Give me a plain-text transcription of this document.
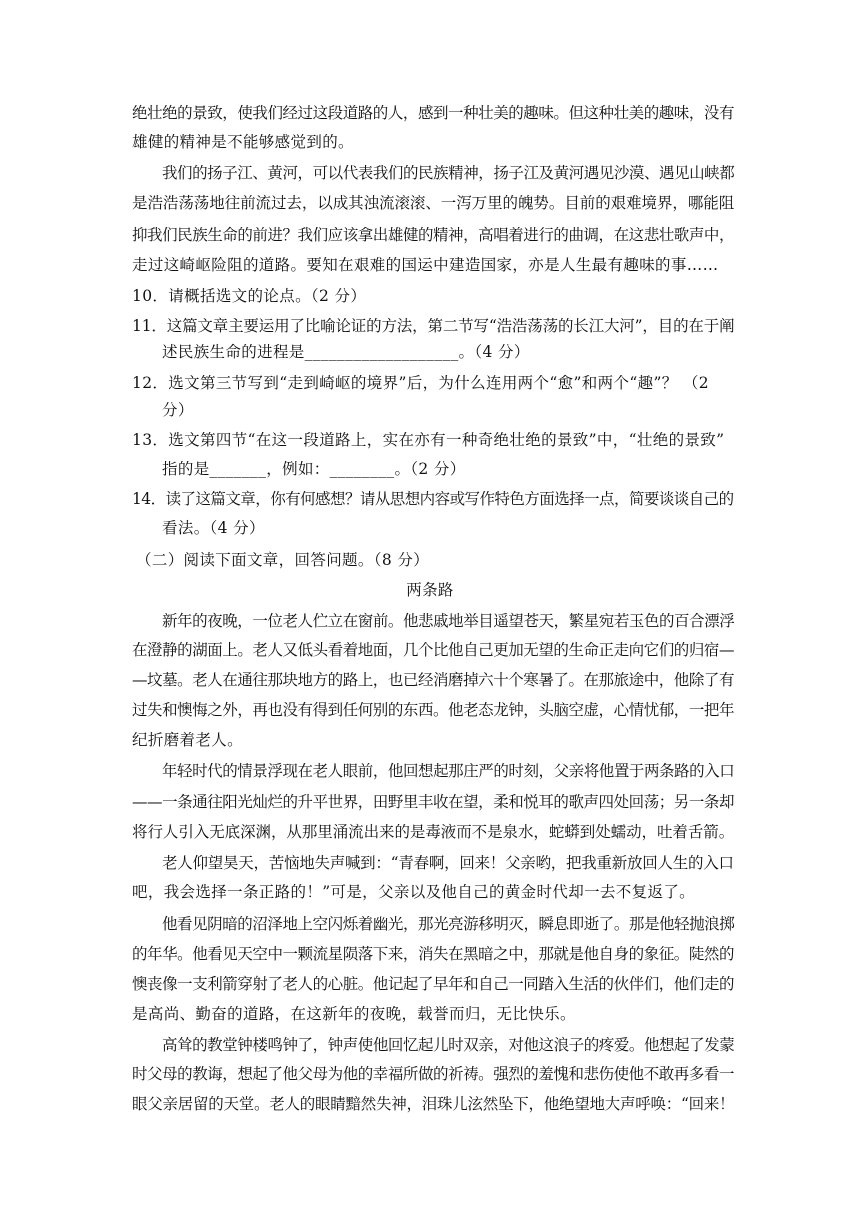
绝壮绝的景致，使我们经过这段道路的人，感到一种壮美的趣味。但这种壮美的趣味，没有
雄健的精神是不能够感觉到的。
我们的扬子江、黄河，可以代表我们的民族精神，扬子江及黄河遇见沙漠、遇见山峡都
是浩浩荡荡地往前流过去，以成其浊流滚滚、一泻万里的魄势。目前的艰难境界，哪能阻
抑我们民族生命的前进？我们应该拿出雄健的精神，高唱着进行的曲调，在这悲壮歌声中，
走过这崎岖险阻的道路。要知在艰难的国运中建造国家，亦是人生最有趣味的事……
10．请概括选文的论点。（2 分）
11．这篇文章主要运用了比喻论证的方法，第二节写“浩浩荡荡的长江大河”，目的在于阐
述民族生命的进程是___________________。（4 分）
12．选文第三节写到“走到崎岖的境界”后，为什么连用两个“愈”和两个“趣”？ （2
分）
13．选文第四节“在这一段道路上，实在亦有一种奇绝壮绝的景致”中，“壮绝的景致”
指的是_______，例如：________。（2 分）
14．读了这篇文章，你有何感想？请从思想内容或写作特色方面选择一点，简要谈谈自己的
看法。（4 分）
（二）阅读下面文章，回答问题。（8 分）
两条路
新年的夜晚，一位老人伫立在窗前。他悲戚地举目遥望苍天，繁星宛若玉色的百合漂浮
在澄静的湖面上。老人又低头看着地面，几个比他自己更加无望的生命正走向它们的归宿—
—坟墓。老人在通往那块地方的路上，也已经消磨掉六十个寒暑了。在那旅途中，他除了有
过失和懊悔之外，再也没有得到任何别的东西。他老态龙钟，头脑空虚，心情忧郁，一把年
纪折磨着老人。
年轻时代的情景浮现在老人眼前，他回想起那庄严的时刻，父亲将他置于两条路的入口
——一条通往阳光灿烂的升平世界，田野里丰收在望，柔和悦耳的歌声四处回荡；另一条却
将行人引入无底深渊，从那里涌流出来的是毒液而不是泉水，蛇蟒到处蠕动，吐着舌箭。
老人仰望昊天，苦恼地失声喊到：“青春啊，回来！父亲哟，把我重新放回人生的入口
吧，我会选择一条正路的！”可是，父亲以及他自己的黄金时代却一去不复返了。
他看见阴暗的沼泽地上空闪烁着幽光，那光亮游移明灭，瞬息即逝了。那是他轻抛浪掷
的年华。他看见天空中一颗流星陨落下来，消失在黑暗之中，那就是他自身的象征。陡然的
懊丧像一支利箭穿射了老人的心脏。他记起了早年和自己一同踏入生活的伙伴们，他们走的
是高尚、勤奋的道路，在这新年的夜晚，载誉而归，无比快乐。
高耸的教堂钟楼鸣钟了，钟声使他回忆起儿时双亲，对他这浪子的疼爱。他想起了发蒙
时父母的教诲，想起了他父母为他的幸福所做的祈祷。强烈的羞愧和悲伤使他不敢再多看一
眼父亲居留的天堂。老人的眼睛黯然失神，泪珠儿泫然坠下，他绝望地大声呼唤：“回来！
